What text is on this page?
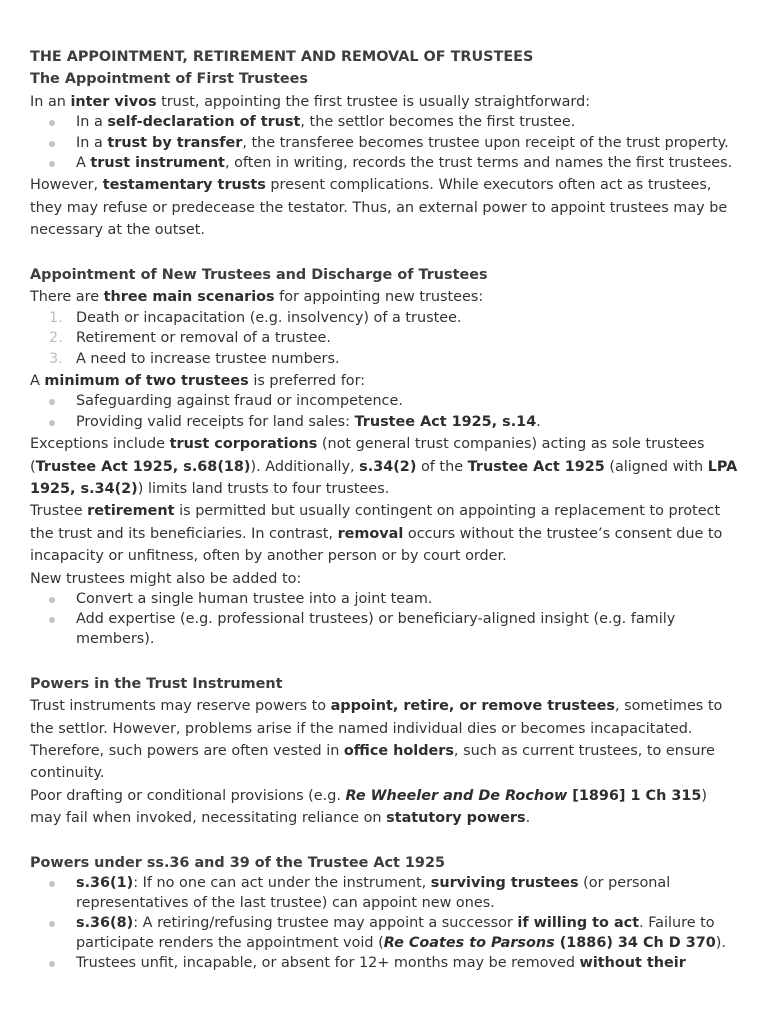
THE APPOINTMENT, RETIREMENT AND REMOVAL OF TRUSTEES

The Appointment of First Trustees

In an inter vivos trust, appointing the first trustee is usually straightforward:

In a self-declaration of trust, the settlor becomes the first trustee.
In a trust by transfer, the transferee becomes trustee upon receipt of the trust property.
A trust instrument, often in writing, records the trust terms and names the first trustees.

However, testamentary trusts present complications. While executors often act as trustees, they may refuse or predecease the testator. Thus, an external power to appoint trustees may be necessary at the outset.

Appointment of New Trustees and Discharge of Trustees

There are three main scenarios for appointing new trustees:

1. Death or incapacitation (e.g. insolvency) of a trustee.
2. Retirement or removal of a trustee.
3. A need to increase trustee numbers.

A minimum of two trustees is preferred for:

Safeguarding against fraud or incompetence.
Providing valid receipts for land sales: Trustee Act 1925, s.14.

Exceptions include trust corporations (not general trust companies) acting as sole trustees (Trustee Act 1925, s.68(18)). Additionally, s.34(2) of the Trustee Act 1925 (aligned with LPA 1925, s.34(2)) limits land trusts to four trustees.

Trustee retirement is permitted but usually contingent on appointing a replacement to protect the trust and its beneficiaries. In contrast, removal occurs without the trustee’s consent due to incapacity or unfitness, often by another person or by court order.

New trustees might also be added to:

Convert a single human trustee into a joint team.
Add expertise (e.g. professional trustees) or beneficiary-aligned insight (e.g. family members).

Powers in the Trust Instrument

Trust instruments may reserve powers to appoint, retire, or remove trustees, sometimes to the settlor. However, problems arise if the named individual dies or becomes incapacitated. Therefore, such powers are often vested in office holders, such as current trustees, to ensure continuity.

Poor drafting or conditional provisions (e.g. Re Wheeler and De Rochow [1896] 1 Ch 315) may fail when invoked, necessitating reliance on statutory powers.

Powers under ss.36 and 39 of the Trustee Act 1925

s.36(1): If no one can act under the instrument, surviving trustees (or personal representatives of the last trustee) can appoint new ones.
s.36(8): A retiring/refusing trustee may appoint a successor if willing to act. Failure to participate renders the appointment void (Re Coates to Parsons (1886) 34 Ch D 370).
Trustees unfit, incapable, or absent for 12+ months may be removed without their
